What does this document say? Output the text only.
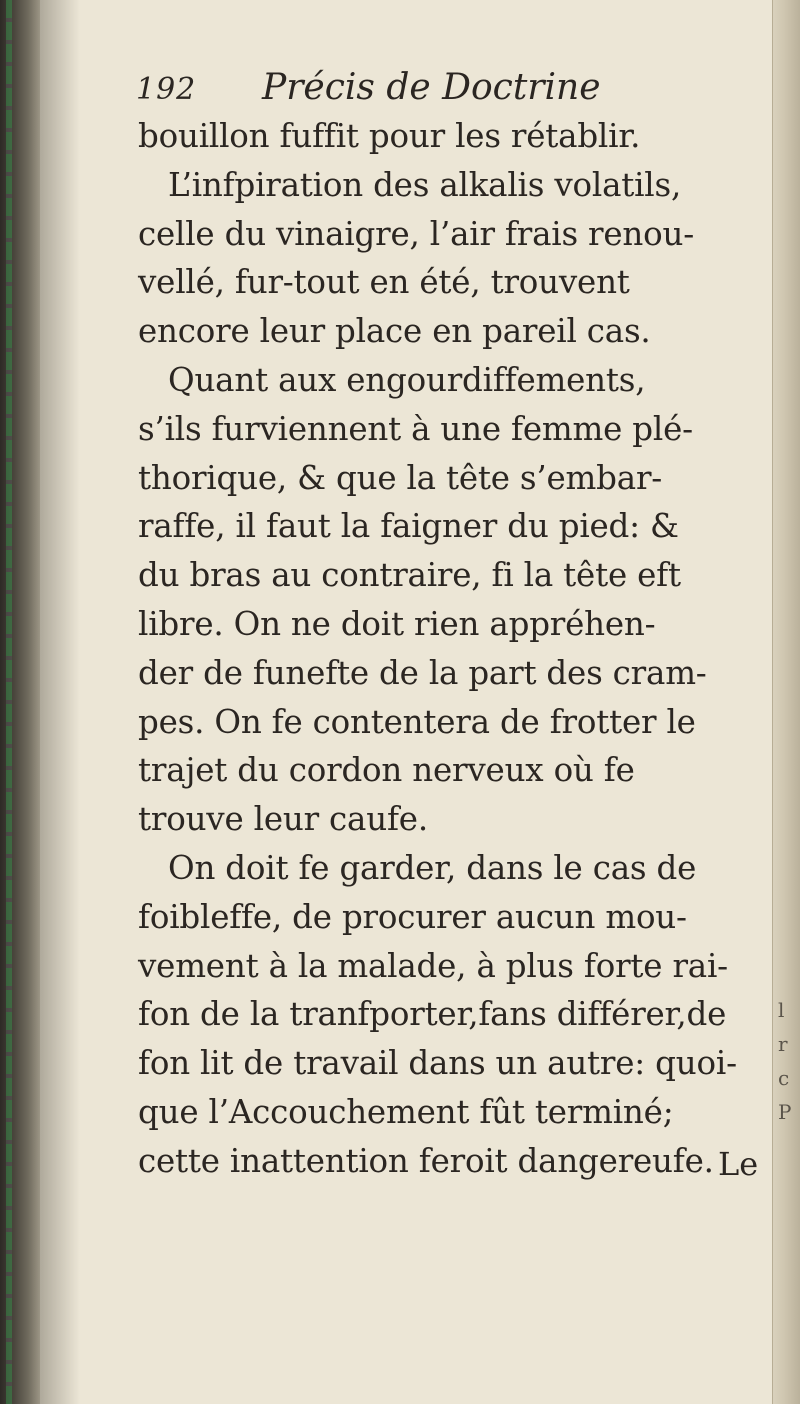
192 Précis de Doctrine
bouillon fuffit pour les rétablir.
L’infpiration des alkalis volatils,
celle du vinaigre, l’air frais renou-
vellé, fur-tout en été, trouvent
encore leur place en pareil cas.
Quant aux engourdiffements,
s’ils furviennent à une femme plé-
thorique, & que la tête s’embar-
raffe, il faut la faigner du pied: &
du bras au contraire, fi la tête eft
libre. On ne doit rien appréhen-
der de funefte de la part des cram-
pes. On fe contentera de frotter le
trajet du cordon nerveux où fe
trouve leur caufe.
On doit fe garder, dans le cas de
foibleffe, de procurer aucun mou-
vement à la malade, à plus forte rai-
fon de la tranfporter,fans différer,de
fon lit de travail dans un autre: quoi-
que l’Accouchement fût terminé;
cette inattention feroit dangereufe. Le
l
r
c
P
